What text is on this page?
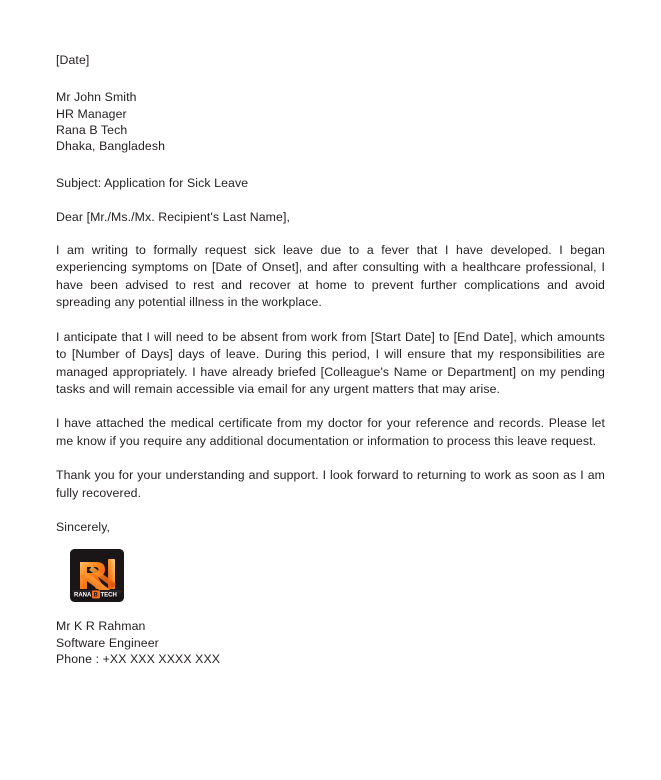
[Date]
Mr John Smith
HR Manager
Rana B Tech
Dhaka, Bangladesh
Subject: Application for Sick Leave
Dear [Mr./Ms./Mx. Recipient's Last Name],

I am writing to formally request sick leave due to a fever that I have developed. I began experiencing symptoms on [Date of Onset], and after consulting with a healthcare professional, I have been advised to rest and recover at home to prevent further complications and avoid spreading any potential illness in the workplace.

I anticipate that I will need to be absent from work from [Start Date] to [End Date], which amounts to [Number of Days] days of leave. During this period, I will ensure that my responsibilities are managed appropriately. I have already briefed [Colleague's Name or Department] on my pending tasks and will remain accessible via email for any urgent matters that may arise.

I have attached the medical certificate from my doctor for your reference and records. Please let me know if you require any additional documentation or information to process this leave request.

Thank you for your understanding and support. I look forward to returning to work as soon as I am fully recovered.

Sincerely,
RANA B TECH
Mr K R Rahman
Software Engineer
Phone : +XX XXX XXXX XXX
